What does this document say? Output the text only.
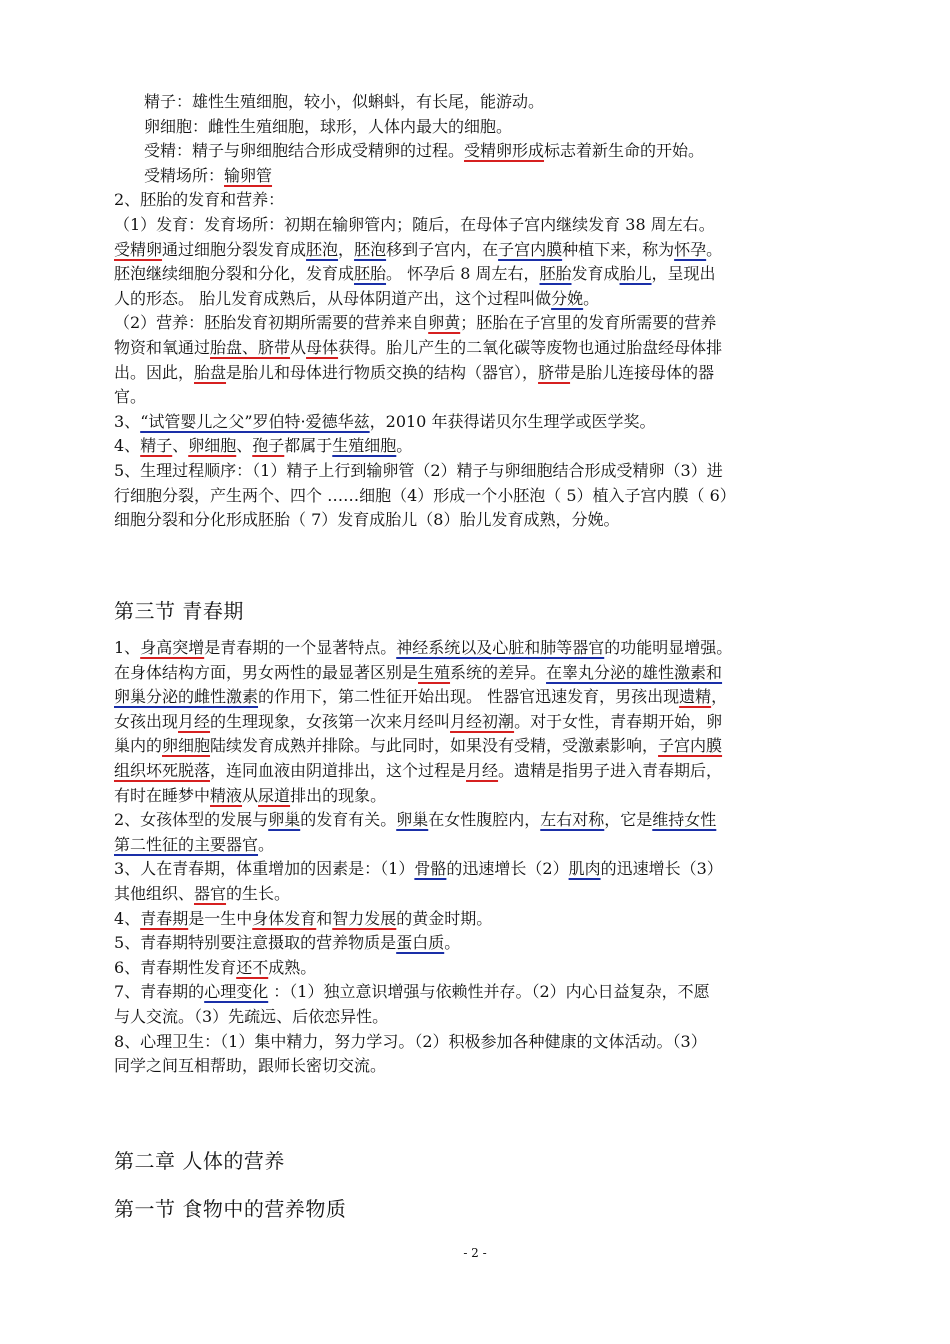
精子：雄性生殖细胞，较小，似蝌蚪，有长尾，能游动。
卵细胞：雌性生殖细胞，球形，人体内最大的细胞。
受精：精子与卵细胞结合形成受精卵的过程。受精卵形成标志着新生命的开始。
受精场所：输卵管
2、胚胎的发育和营养：
（1）发育：发育场所：初期在输卵管内；随后，在母体子宫内继续发育 38 周左右。
受精卵通过细胞分裂发育成胚泡，胚泡移到子宫内，在子宫内膜种植下来，称为怀孕。
胚泡继续细胞分裂和分化，发育成胚胎。 怀孕后 8 周左右，胚胎发育成胎儿，呈现出
人的形态。 胎儿发育成熟后，从母体阴道产出，这个过程叫做分娩。
（2）营养：胚胎发育初期所需要的营养来自卵黄；胚胎在子宫里的发育所需要的营养
物资和氧通过胎盘、脐带从母体获得。胎儿产生的二氧化碳等废物也通过胎盘经母体排
出。因此，胎盘是胎儿和母体进行物质交换的结构（器官），脐带是胎儿连接母体的器
官。
3、“试管婴儿之父”罗伯特·爱德华兹，2010 年获得诺贝尔生理学或医学奖。
4、精子、卵细胞、孢子都属于生殖细胞。
5、生理过程顺序：（1）精子上行到输卵管（2）精子与卵细胞结合形成受精卵（3）进
行细胞分裂，产生两个、四个 ……细胞（4）形成一个小胚泡（ 5）植入子宫内膜（ 6）
细胞分裂和分化形成胚胎（ 7）发育成胎儿（8）胎儿发育成熟，分娩。
第三节 青春期
1、身高突增是青春期的一个显著特点。神经系统以及心脏和肺等器官的功能明显增强。
在身体结构方面，男女两性的最显著区别是生殖系统的差异。在睾丸分泌的雄性激素和
卵巢分泌的雌性激素的作用下，第二性征开始出现。 性器官迅速发育，男孩出现遗精，
女孩出现月经的生理现象，女孩第一次来月经叫月经初潮。对于女性，青春期开始，卵
巢内的卵细胞陆续发育成熟并排除。与此同时，如果没有受精，受激素影响，子宫内膜
组织坏死脱落，连同血液由阴道排出，这个过程是月经。遗精是指男子进入青春期后，
有时在睡梦中精液从尿道排出的现象。
2、女孩体型的发展与卵巢的发育有关。卵巢在女性腹腔内，左右对称，它是维持女性
第二性征的主要器官。
3、人在青春期，体重增加的因素是：（1）骨骼的迅速增长（2）肌肉的迅速增长（3）
其他组织、器官的生长。
4、青春期是一生中身体发育和智力发展的黄金时期。
5、青春期特别要注意摄取的营养物质是蛋白质。
6、青春期性发育还不成熟。
7、青春期的心理变化 ：（1）独立意识增强与依赖性并存。（2）内心日益复杂，不愿
与人交流。（3）先疏远、后依恋异性。
8、心理卫生：（1）集中精力，努力学习。（2）积极参加各种健康的文体活动。（3）
同学之间互相帮助，跟师长密切交流。
第二章 人体的营养
第一节 食物中的营养物质
- 2 -
